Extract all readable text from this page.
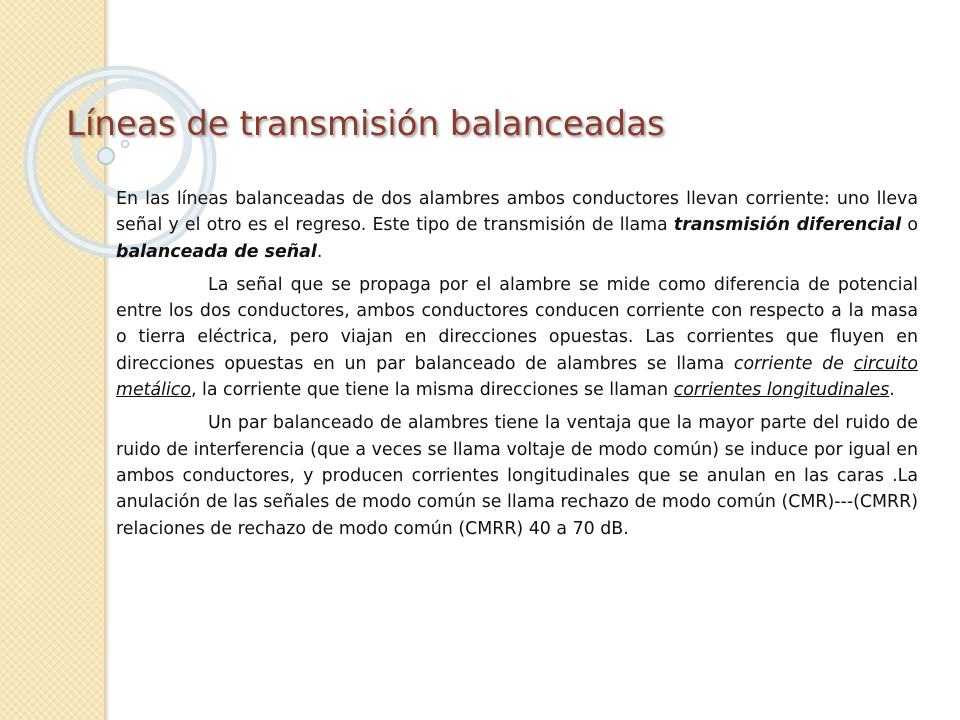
Líneas de transmisión balanceadas

En las líneas balanceadas de dos alambres ambos conductores llevan corriente: uno lleva señal y el otro es el regreso. Este tipo de transmisión de llama transmisión diferencial o balanceada de señal.

La señal que se propaga por el alambre se mide como diferencia de potencial entre los dos conductores, ambos conductores conducen corriente con respecto a la masa o tierra eléctrica, pero viajan en direcciones opuestas. Las corrientes que fluyen en direcciones opuestas en un par balanceado de alambres se llama corriente de circuito metálico, la corriente que tiene la misma direcciones se llaman corrientes longitudinales.

Un par balanceado de alambres tiene la ventaja que la mayor parte del ruido de ruido de interferencia (que a veces se llama voltaje de modo común) se induce por igual en ambos conductores, y producen corrientes longitudinales que se anulan en las caras .La anulación de las señales de modo común se llama rechazo de modo común (CMR)---(CMRR) relaciones de rechazo de modo común (CMRR) 40 a 70 dB.
